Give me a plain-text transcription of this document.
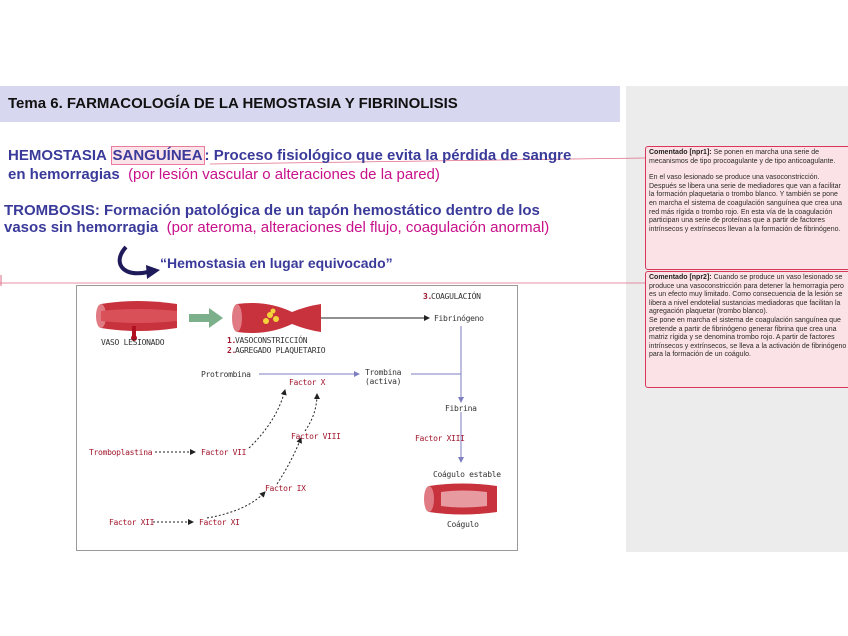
Tema 6. FARMACOLOGÍA DE LA HEMOSTASIA Y FIBRINOLISIS
HEMOSTASIA SANGUÍNEA : Proceso fisiológico que evita la pérdida de sangre
en hemorragias (por lesión vascular o alteraciones de la pared)
TROMBOSIS: Formación patológica de un tapón hemostático dentro de los
vasos sin hemorragia (por ateroma, alteraciones del flujo, coagulación anormal)
“Hemostasia en lugar equivocado”
Comentado [npr1]: Se ponen en marcha una serie de mecanismos de tipo procoagulante y de tipo anticoagulante.
En el vaso lesionado se produce una vasoconstricción. Después se libera una serie de mediadores que van a facilitar la formación plaquetaria o trombo blanco. Y también se pone en marcha el sistema de coagulación sanguínea que crea una red más rígida o trombo rojo. En esta vía de la coagulación participan una serie de proteínas que a partir de factores intrínsecos y extrínsecos llevan a la formación de fibrinógeno.
Comentado [npr2]: Cuando se produce un vaso lesionado se produce una vasoconstricción para detener la hemorragia pero es un efecto muy limitado. Como consecuencia de la lesión se libera a nivel endotelial sustancias mediadoras que facilitan la agregación plaquetar (trombo blanco).
Se pone en marcha el sistema de coagulación sanguínea que pretende a partir de fibrinógeno generar fibrina que crea una matriz rígida y se denomina trombo rojo. A partir de factores intrínsecos y extrínsecos, se lleva a la activación de fibrinógeno para la formación de un coágulo.
VASO LESIONADO	1.
VASOCONSTRICCIÓN
2.
AGREGADO PLAQUETARIO
3.
COAGULACIÓN
Fibrinógeno
Protrombina
Factor X
Trombina
(activa)
Fibrina
Factor XIII
Factor VIII
Tromboplastina	Factor VII
Factor IX
Coágulo estable
Factor XII	Factor XI	Coágulo
